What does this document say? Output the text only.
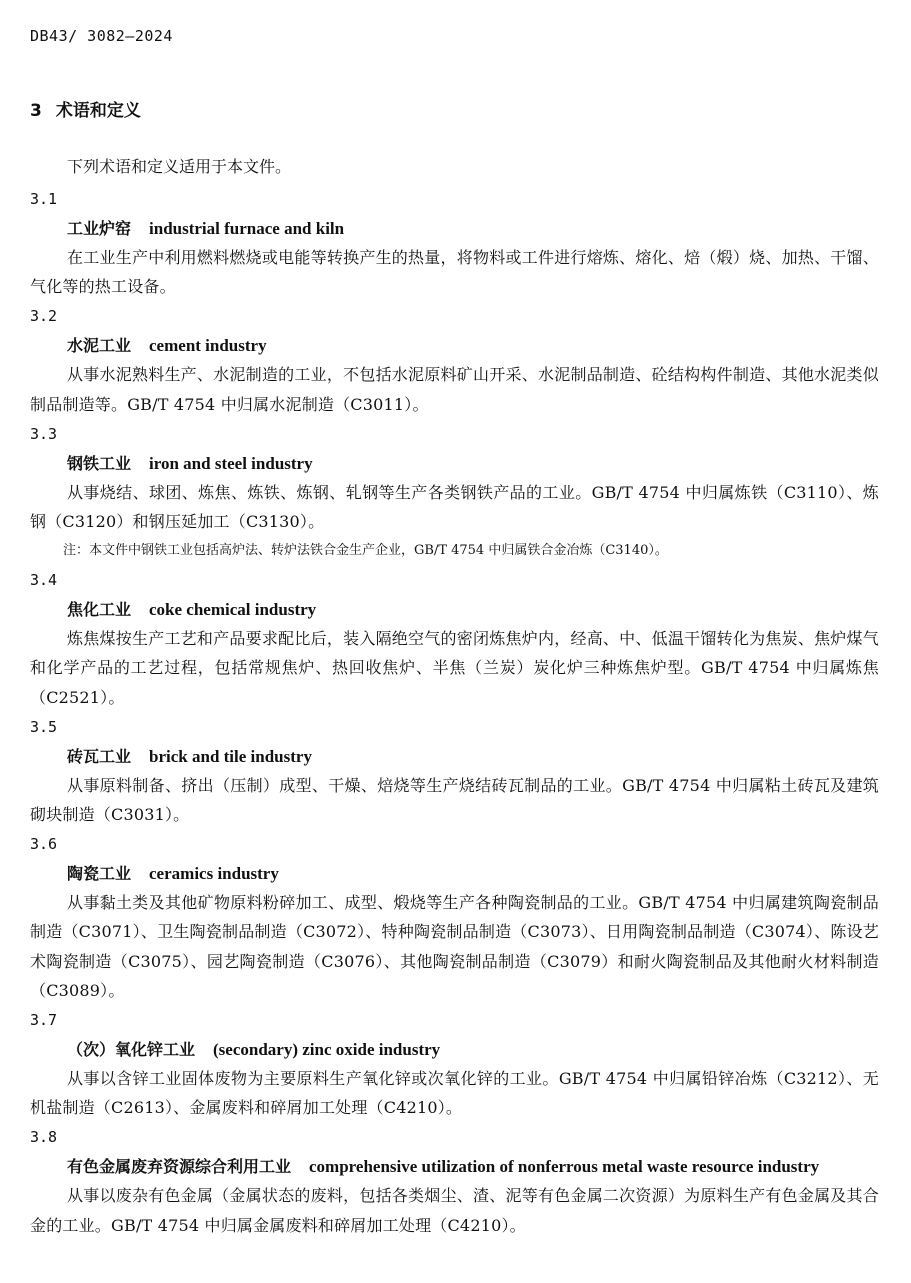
DB43/ 3082—2024
3 术语和定义
下列术语和定义适用于本文件。
3.1
工业炉窑 industrial furnace and kiln
在工业生产中利用燃料燃烧或电能等转换产生的热量，将物料或工件进行熔炼、熔化、焙（煅）烧、加热、干馏、气化等的热工设备。
3.2
水泥工业 cement industry
从事水泥熟料生产、水泥制造的工业，不包括水泥原料矿山开采、水泥制品制造、砼结构构件制造、其他水泥类似制品制造等。GB/T 4754 中归属水泥制造（C3011）。
3.3
钢铁工业 iron and steel industry
从事烧结、球团、炼焦、炼铁、炼钢、轧钢等生产各类钢铁产品的工业。GB/T 4754 中归属炼铁（C3110）、炼钢（C3120）和钢压延加工（C3130）。
注：本文件中钢铁工业包括高炉法、转炉法铁合金生产企业，GB/T 4754 中归属铁合金冶炼（C3140）。
3.4
焦化工业 coke chemical industry
炼焦煤按生产工艺和产品要求配比后，装入隔绝空气的密闭炼焦炉内，经高、中、低温干馏转化为焦炭、焦炉煤气和化学产品的工艺过程，包括常规焦炉、热回收焦炉、半焦（兰炭）炭化炉三种炼焦炉型。GB/T 4754 中归属炼焦（C2521）。
3.5
砖瓦工业 brick and tile industry
从事原料制备、挤出（压制）成型、干燥、焙烧等生产烧结砖瓦制品的工业。GB/T 4754 中归属粘土砖瓦及建筑砌块制造（C3031）。
3.6
陶瓷工业 ceramics industry
从事黏土类及其他矿物原料粉碎加工、成型、煅烧等生产各种陶瓷制品的工业。GB/T 4754 中归属建筑陶瓷制品制造（C3071）、卫生陶瓷制品制造（C3072）、特种陶瓷制品制造（C3073）、日用陶瓷制品制造（C3074）、陈设艺术陶瓷制造（C3075）、园艺陶瓷制造（C3076）、其他陶瓷制品制造（C3079）和耐火陶瓷制品及其他耐火材料制造（C3089）。
3.7
（次）氧化锌工业 (secondary) zinc oxide industry
从事以含锌工业固体废物为主要原料生产氧化锌或次氧化锌的工业。GB/T 4754 中归属铅锌冶炼（C3212）、无机盐制造（C2613）、金属废料和碎屑加工处理（C4210）。
3.8
有色金属废弃资源综合利用工业 comprehensive utilization of nonferrous metal waste resource industry
从事以废杂有色金属（金属状态的废料，包括各类烟尘、渣、泥等有色金属二次资源）为原料生产有色金属及其合金的工业。GB/T 4754 中归属金属废料和碎屑加工处理（C4210）。
